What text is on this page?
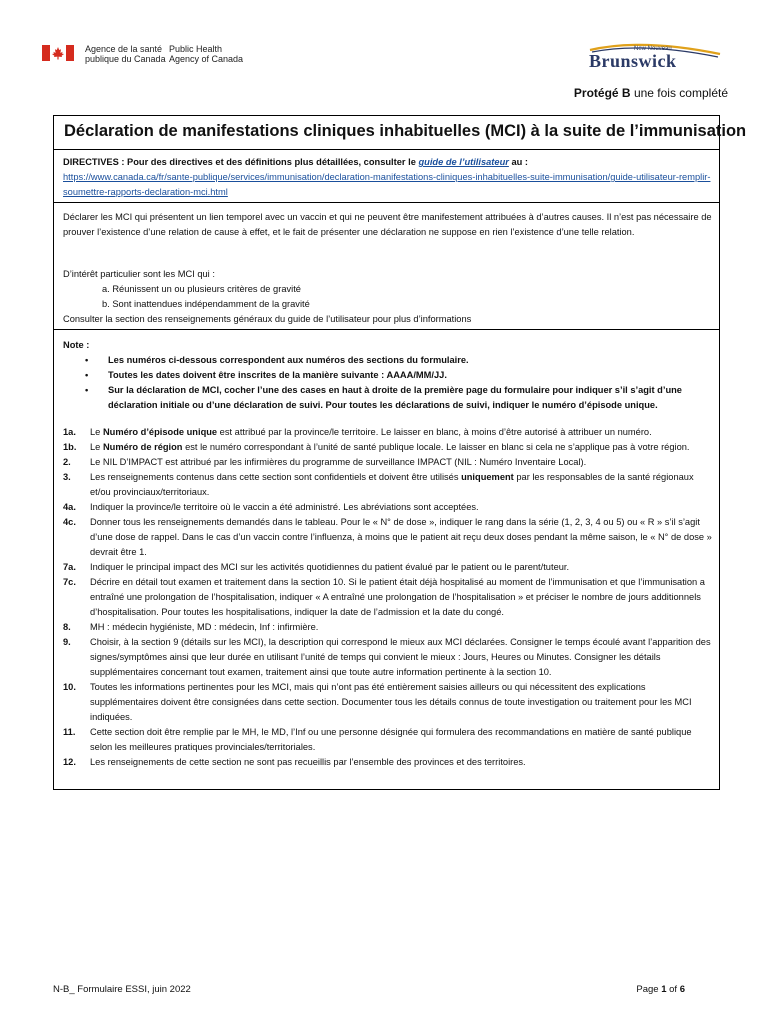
Agence de la santé
publique du Canada
Public Health
Agency of Canada
New Nouveau
Brunswick
Protégé B une fois complété
Déclaration de manifestations cliniques inhabituelles (MCI) à la suite de l’immunisation
DIRECTIVES : Pour des directives et des définitions plus détaillées, consulter le guide de l’utilisateur au :
https://www.canada.ca/fr/sante-publique/services/immunisation/declaration-manifestations-cliniques-inhabituelles-suite-immunisation/guide-utilisateur-remplir-soumettre-rapports-declaration-mci.html
Déclarer les MCI qui présentent un lien temporel avec un vaccin et qui ne peuvent être manifestement attribuées à d’autres causes. Il n’est pas nécessaire de prouver l’existence d’une relation de cause à effet, et le fait de présenter une déclaration ne suppose en rien l’existence d’une telle relation.
D’intérêt particulier sont les MCI qui :
a. Réunissent un ou plusieurs critères de gravité
b. Sont inattendues indépendamment de la gravité
Consulter la section des renseignements généraux du guide de l’utilisateur pour plus d’informations
Note :
• Les numéros ci-dessous correspondent aux numéros des sections du formulaire.
• Toutes les dates doivent être inscrites de la manière suivante : AAAA/MM/JJ.
• Sur la déclaration de MCI, cocher l’une des cases en haut à droite de la première page du formulaire pour indiquer s’il s’agit d’une déclaration initiale ou d’une déclaration de suivi. Pour toutes les déclarations de suivi, indiquer le numéro d’épisode unique.
1a.	Le Numéro d’épisode unique est attribué par la province/le territoire. Le laisser en blanc, à moins d’être autorisé à attribuer un numéro.
1b.	Le Numéro de région est le numéro correspondant à l’unité de santé publique locale. Le laisser en blanc si cela ne s’applique pas à votre région.
2.	Le NIL D’IMPACT est attribué par les infirmières du programme de surveillance IMPACT (NIL : Numéro Inventaire Local).
3.	Les renseignements contenus dans cette section sont confidentiels et doivent être utilisés uniquement par les responsables de la santé régionaux et/ou provinciaux/territoriaux.
4a.	Indiquer la province/le territoire où le vaccin a été administré. Les abréviations sont acceptées.
4c.	Donner tous les renseignements demandés dans le tableau. Pour le « N° de dose », indiquer le rang dans la série (1, 2, 3, 4 ou 5) ou « R » s’il s’agit d’une dose de rappel. Dans le cas d’un vaccin contre l’influenza, à moins que le patient ait reçu deux doses pendant la même saison, le « N° de dose » devrait être 1.
7a.	Indiquer le principal impact des MCI sur les activités quotidiennes du patient évalué par le patient ou le parent/tuteur.
7c.	Décrire en détail tout examen et traitement dans la section 10. Si le patient était déjà hospitalisé au moment de l’immunisation et que l’immunisation a entraîné une prolongation de l’hospitalisation, indiquer « A entraîné une prolongation de l’hospitalisation » et préciser le nombre de jours additionnels d’hospitalisation. Pour toutes les hospitalisations, indiquer la date de l’admission et la date du congé.
8.	MH : médecin hygiéniste, MD : médecin, Inf : infirmière.
9.	Choisir, à la section 9 (détails sur les MCI), la description qui correspond le mieux aux MCI déclarées. Consigner le temps écoulé avant l’apparition des signes/symptômes ainsi que leur durée en utilisant l’unité de temps qui convient le mieux : Jours, Heures ou Minutes. Consigner les détails supplémentaires concernant tout examen, traitement ainsi que toute autre information pertinente à la section 10.
10.	Toutes les informations pertinentes pour les MCI, mais qui n’ont pas été entièrement saisies ailleurs ou qui nécessitent des explications supplémentaires doivent être consignées dans cette section. Documenter tous les détails connus de toute investigation ou traitement pour les MCI indiquées.
11.	Cette section doit être remplie par le MH, le MD, l’Inf ou une personne désignée qui formulera des recommandations en matière de santé publique selon les meilleures pratiques provinciales/territoriales.
12.	Les renseignements de cette section ne sont pas recueillis par l’ensemble des provinces et des territoires.
N-B_ Formulaire ESSI, juin 2022	Page 1 of 6
